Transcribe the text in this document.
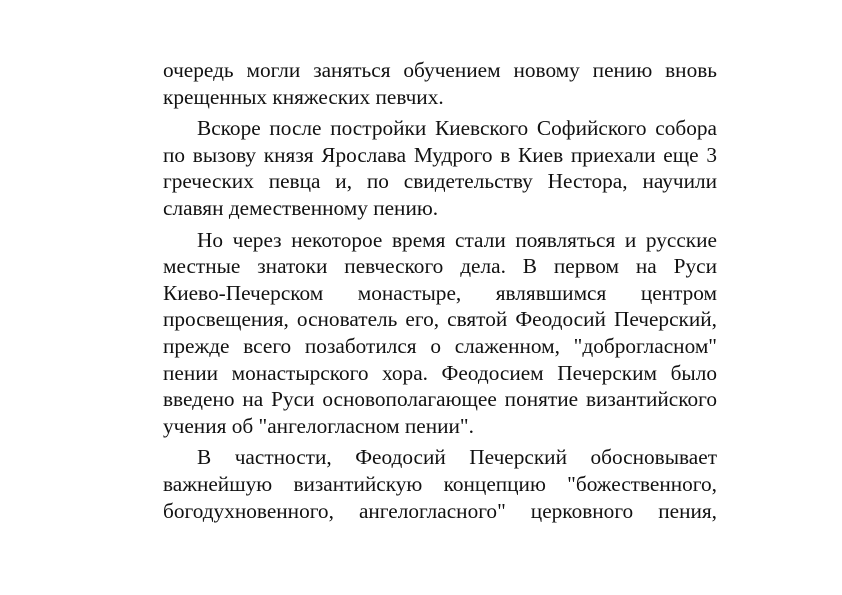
очередь могли заняться обучением новому пению вновь
крещенных княжеских певчих.

Вскоре после постройки Киевского Софийского собора
по вызову князя Ярослава Мудрого в Киев приехали еще 3
греческих певца и, по свидетельству Нестора, научили
славян демественному пению.

Но через некоторое время стали появляться и русские
местные знатоки певческого дела. В первом на Руси
Киево-Печерском монастыре, являвшимся центром
просвещения, основатель его, святой Феодосий Печерский,
прежде всего позаботился о слаженном, "доброгласном"
пении монастырского хора. Феодосием Печерским было
введено на Руси основополагающее понятие византийского
учения об "ангелогласном пении".

В частности, Феодосий Печерский обосновывает
важнейшую византийскую концепцию "божественного,
богодухновенного, ангелогласного" церковного пения,
